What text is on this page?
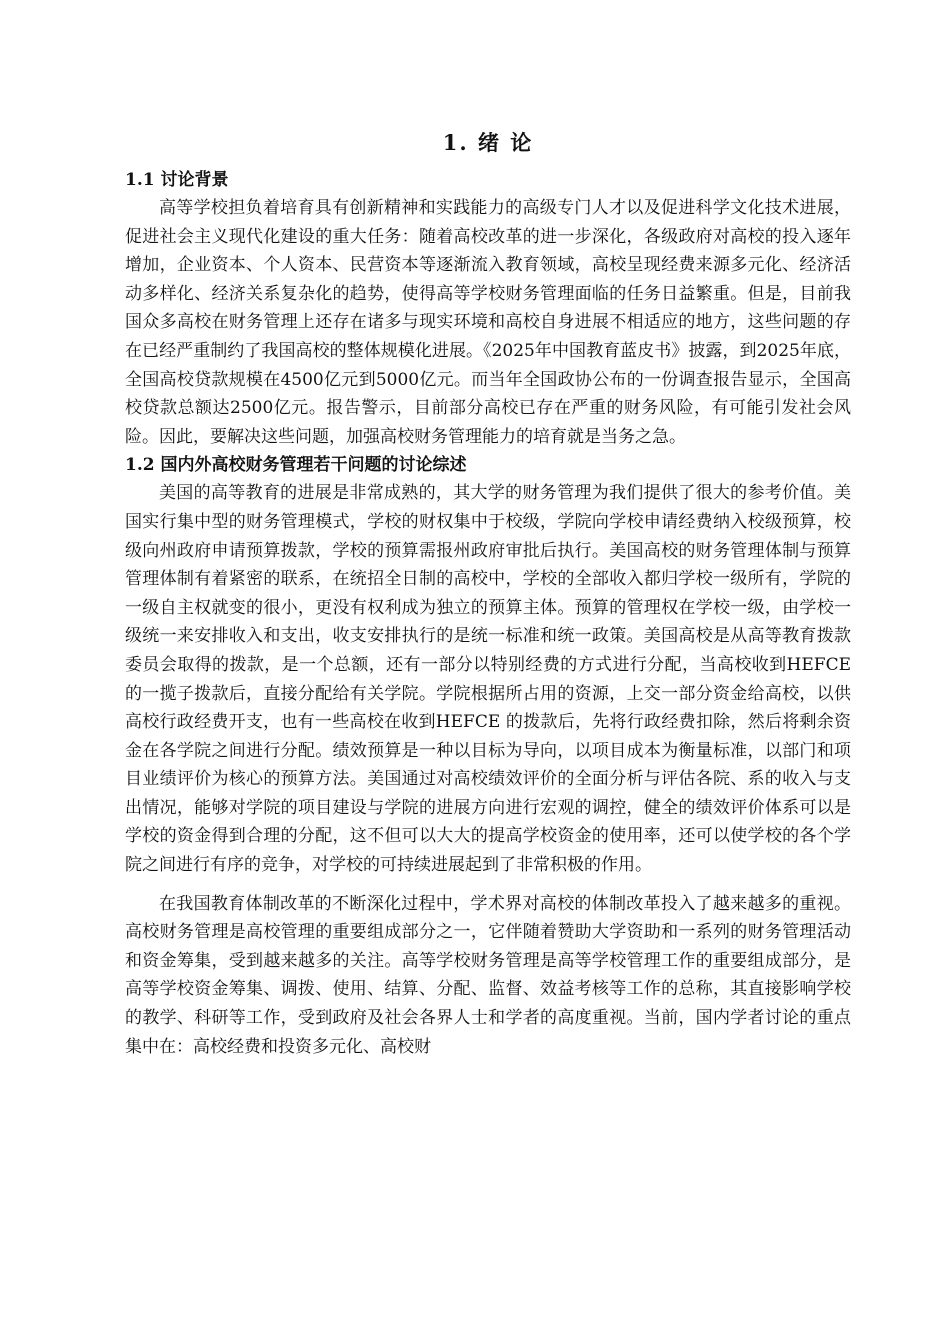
1. 绪 论
1.1 讨论背景

高等学校担负着培育具有创新精神和实践能力的高级专门人才以及促进科学文化技术进展，促进社会主义现代化建设的重大任务：随着高校改革的进一步深化，各级政府对高校的投入逐年增加，企业资本、个人资本、民营资本等逐渐流入教育领域，高校呈现经费来源多元化、经济活动多样化、经济关系复杂化的趋势，使得高等学校财务管理面临的任务日益繁重。但是，目前我国众多高校在财务管理上还存在诸多与现实环境和高校自身进展不相适应的地方，这些问题的存在已经严重制约了我国高校的整体规模化进展。《2025年中国教育蓝皮书》披露，到2025年底，全国高校贷款规模在4500亿元到5000亿元。而当年全国政协公布的一份调查报告显示，全国高校贷款总额达2500亿元。报告警示，目前部分高校已存在严重的财务风险，有可能引发社会风险。因此，要解决这些问题，加强高校财务管理能力的培育就是当务之急。

1.2 国内外高校财务管理若干问题的讨论综述

美国的高等教育的进展是非常成熟的，其大学的财务管理为我们提供了很大的参考价值。美国实行集中型的财务管理模式，学校的财权集中于校级，学院向学校申请经费纳入校级预算，校级向州政府申请预算拨款，学校的预算需报州政府审批后执行。美国高校的财务管理体制与预算管理体制有着紧密的联系，在统招全日制的高校中，学校的全部收入都归学校一级所有，学院的一级自主权就变的很小，更没有权利成为独立的预算主体。预算的管理权在学校一级，由学校一级统一来安排收入和支出，收支安排执行的是统一标准和统一政策。美国高校是从高等教育拨款委员会取得的拨款，是一个总额，还有一部分以特别经费的方式进行分配，当高校收到HEFCE 的一揽子拨款后，直接分配给有关学院。学院根据所占用的资源，上交一部分资金给高校，以供高校行政经费开支，也有一些高校在收到HEFCE 的拨款后，先将行政经费扣除，然后将剩余资金在各学院之间进行分配。绩效预算是一种以目标为导向，以项目成本为衡量标准，以部门和项目业绩评价为核心的预算方法。美国通过对高校绩效评价的全面分析与评估各院、系的收入与支出情况，能够对学院的项目建设与学院的进展方向进行宏观的调控，健全的绩效评价体系可以是学校的资金得到合理的分配，这不但可以大大的提高学校资金的使用率，还可以使学校的各个学院之间进行有序的竞争，对学校的可持续进展起到了非常积极的作用。

在我国教育体制改革的不断深化过程中，学术界对高校的体制改革投入了越来越多的重视。高校财务管理是高校管理的重要组成部分之一，它伴随着赞助大学资助和一系列的财务管理活动和资金筹集，受到越来越多的关注。高等学校财务管理是高等学校管理工作的重要组成部分，是高等学校资金筹集、调拨、使用、结算、分配、监督、效益考核等工作的总称，其直接影响学校的教学、科研等工作，受到政府及社会各界人士和学者的高度重视。当前，国内学者讨论的重点集中在：高校经费和投资多元化、高校财
